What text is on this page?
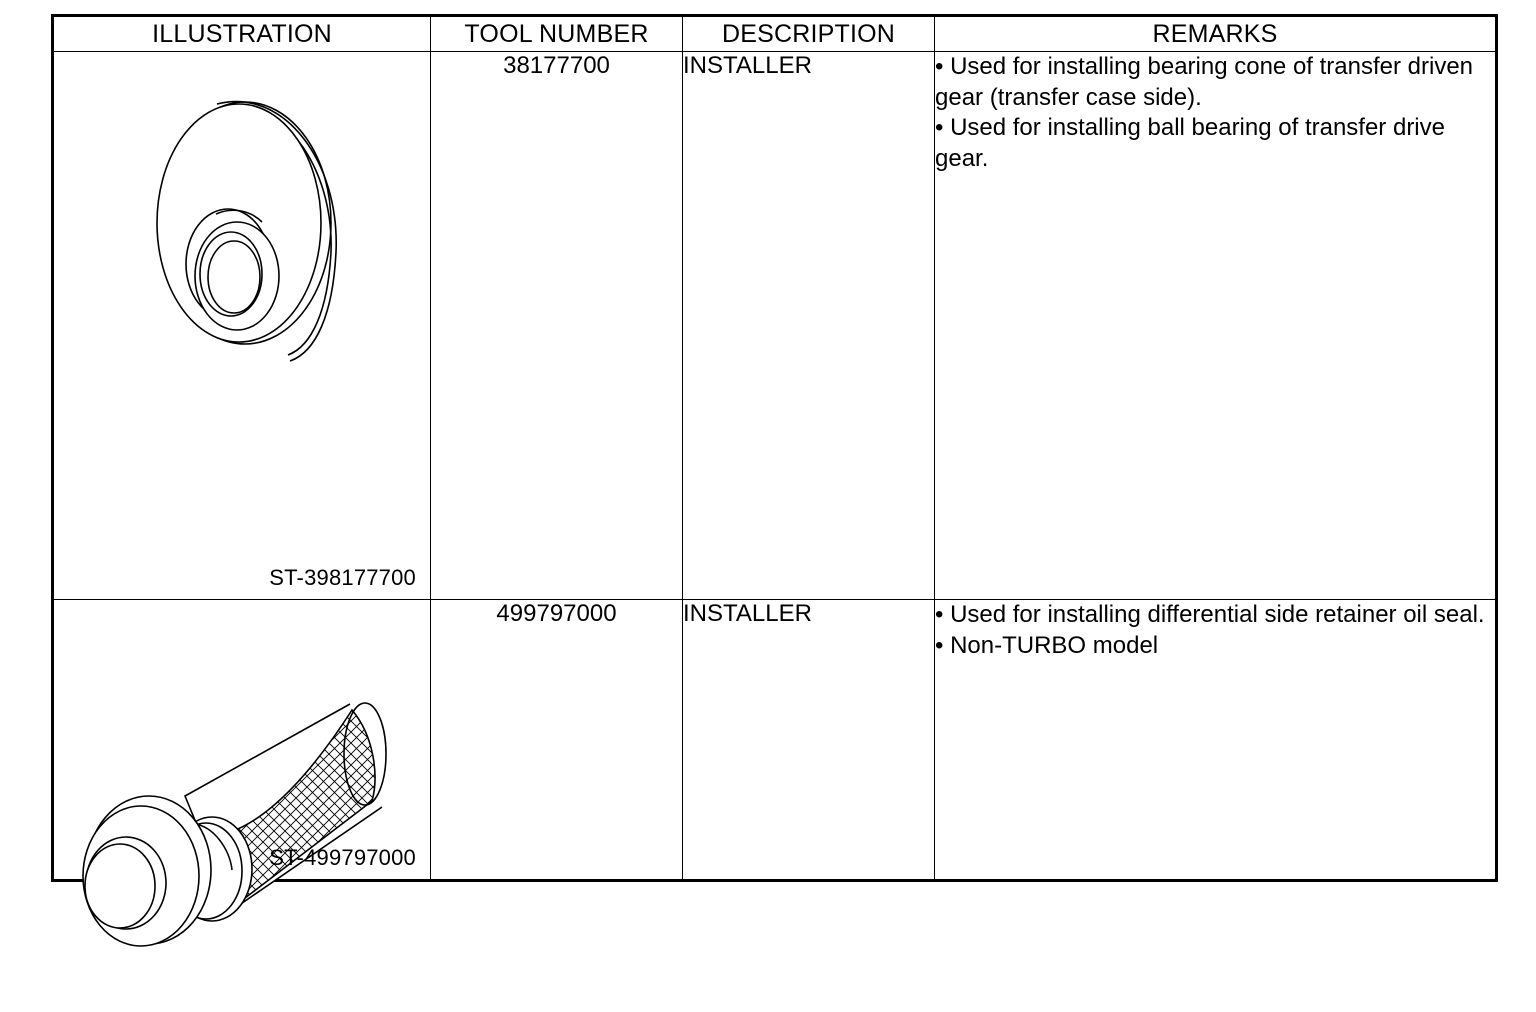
ILLUSTRATION	TOOL NUMBER	DESCRIPTION	REMARKS

ST-398177700	38177700	INSTALLER	• Used for installing bearing cone of transfer driven gear (transfer case side).

• Used for installing ball bearing of transfer drive gear.

ST-499797000	499797000	INSTALLER	• Used for installing differential side retainer oil seal.

• Non-TURBO model
